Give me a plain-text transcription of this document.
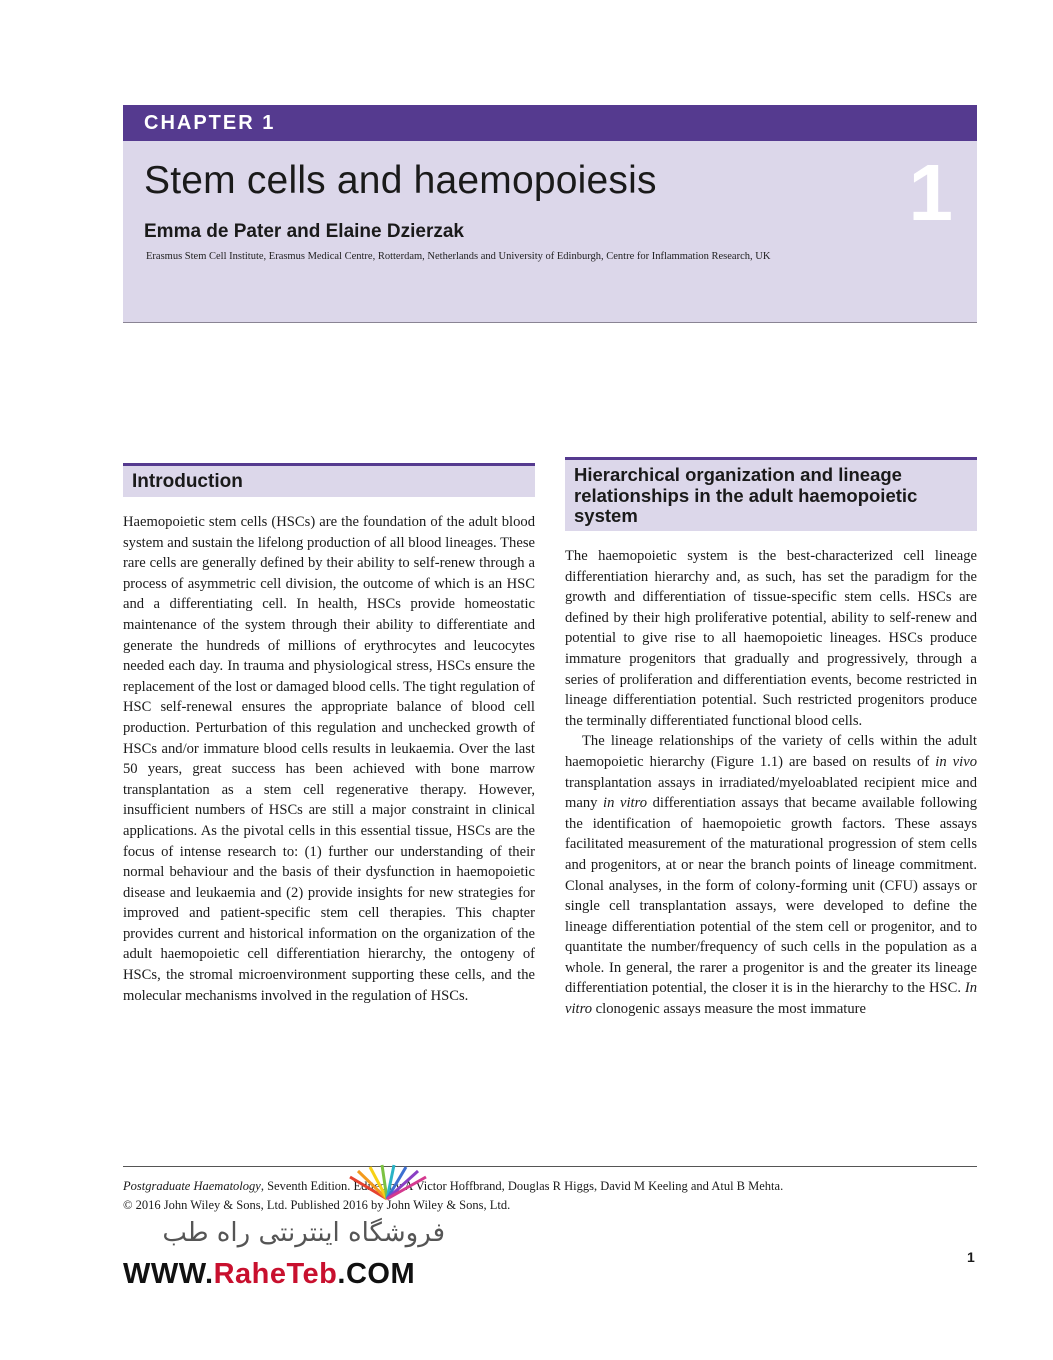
CHAPTER 1
Stem cells and haemopoiesis	1
Emma de Pater and Elaine Dzierzak
Erasmus Stem Cell Institute, Erasmus Medical Centre, Rotterdam, Netherlands and University of Edinburgh, Centre for Inflammation Research, UK
Introduction

Haemopoietic stem cells (HSCs) are the foundation of the adult blood system and sustain the lifelong production of all blood lineages. These rare cells are generally defined by their ability to self-renew through a process of asymmetric cell division, the outcome of which is an HSC and a differentiating cell. In health, HSCs provide homeostatic maintenance of the system through their ability to differentiate and generate the hundreds of millions of erythrocytes and leucocytes needed each day. In trauma and physiological stress, HSCs ensure the replacement of the lost or damaged blood cells. The tight regulation of HSC self-renewal ensures the appropriate balance of blood cell production. Perturbation of this regulation and unchecked growth of HSCs and/or immature blood cells results in leukaemia. Over the last 50 years, great success has been achieved with bone marrow transplantation as a stem cell regenerative therapy. However, insufficient numbers of HSCs are still a major constraint in clinical applications. As the pivotal cells in this essential tissue, HSCs are the focus of intense research to: (1) further our understanding of their normal behaviour and the basis of their dysfunction in haemopoietic disease and leukaemia and (2) provide insights for new strategies for improved and patient-specific stem cell therapies. This chapter provides current and historical information on the organization of the adult haemopoietic cell differentiation hierarchy, the ontogeny of HSCs, the stromal microenvironment supporting these cells, and the molecular mechanisms involved in the regulation of HSCs.

Hierarchical organization and lineage relationships in the adult haemopoietic system

The haemopoietic system is the best-characterized cell lineage differentiation hierarchy and, as such, has set the paradigm for the growth and differentiation of tissue-specific stem cells. HSCs are defined by their high proliferative potential, ability to self-renew and potential to give rise to all haemopoietic lineages. HSCs produce immature progenitors that gradually and progressively, through a series of proliferation and differentiation events, become restricted in lineage differentiation potential. Such restricted progenitors produce the terminally differentiated functional blood cells.

The lineage relationships of the variety of cells within the adult haemopoietic hierarchy (Figure 1.1) are based on results of in vivo transplantation assays in irradiated/myeloablated recipient mice and many in vitro differentiation assays that became available following the identification of haemopoietic growth factors. These assays facilitated measurement of the maturational progression of stem cells and progenitors, at or near the branch points of lineage commitment. Clonal analyses, in the form of colony-forming unit (CFU) assays or single cell transplantation assays, were developed to define the lineage differentiation potential of the stem cell or progenitor, and to quantitate the number/frequency of such cells in the population as a whole. In general, the rarer a progenitor is and the greater its lineage differentiation potential, the closer it is in the hierarchy to the HSC. In vitro clonogenic assays measure the most immature

Postgraduate Haematology, Seventh Edition. Edited by A Victor Hoffbrand, Douglas R Higgs, David M Keeling and Atul B Mehta.
© 2016 John Wiley & Sons, Ltd. Published 2016 by John Wiley & Sons, Ltd.
1
فروشگاه اینترنتی راه طب
WWW.RaheTeb.COM
